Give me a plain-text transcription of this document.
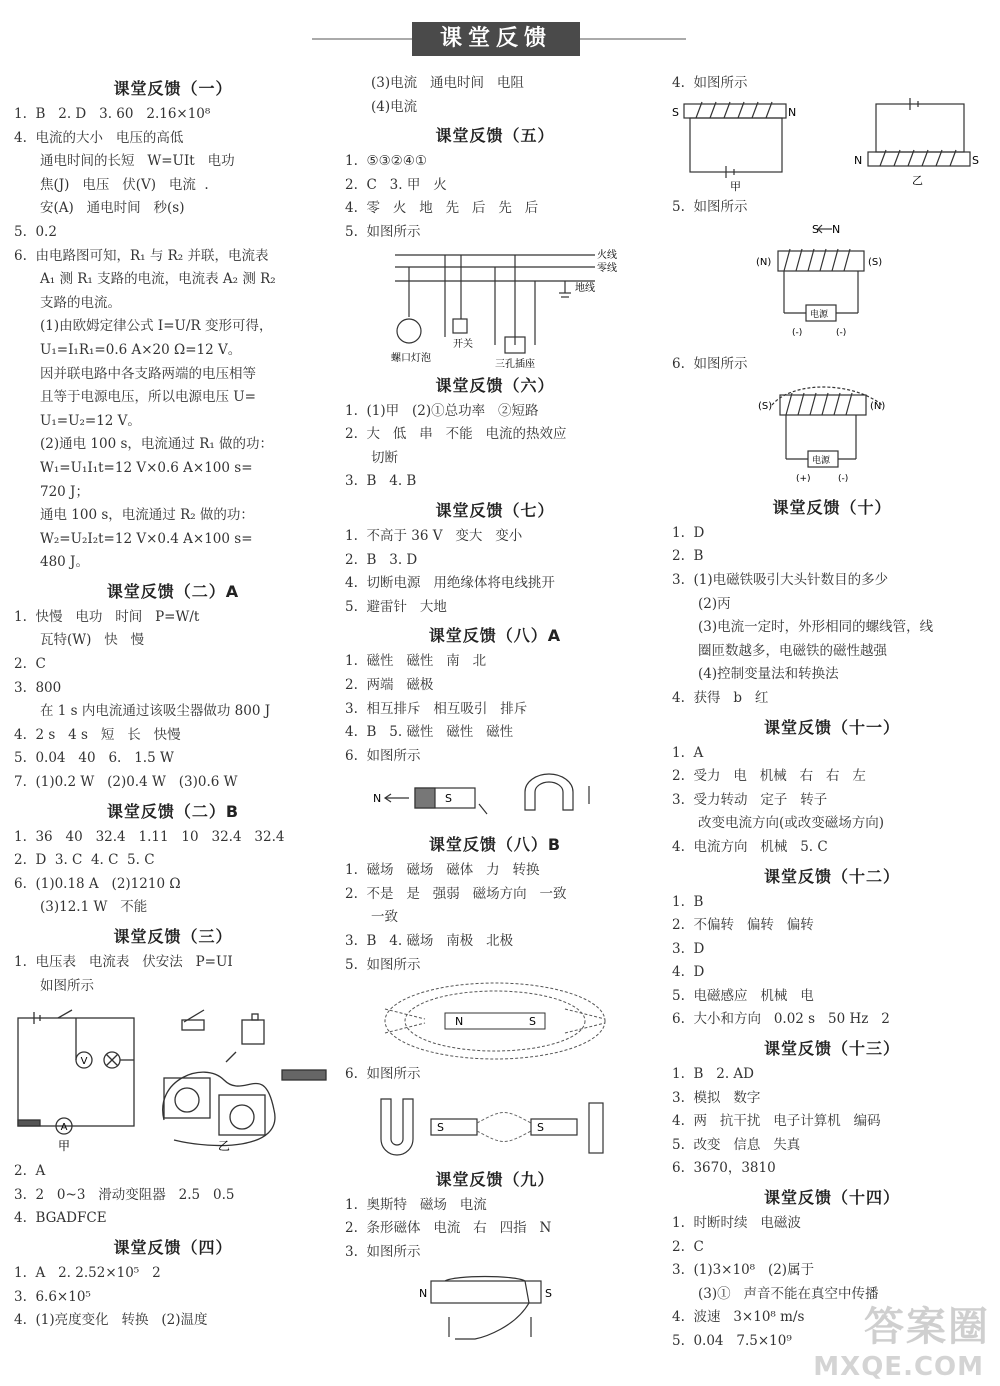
课堂反馈
课堂反馈（一）
1.  B   2. D   3. 60   2.16×10⁸
4.  电流的大小   电压的高低
通电时间的长短   W=UIt   电功
焦(J)   电压   伏(V)   电流  .
安(A)   通电时间   秒(s)
5.  0.2
6.  由电路图可知，R₁ 与 R₂ 并联，电流表
A₁ 测 R₁ 支路的电流，电流表 A₂ 测 R₂
支路的电流。
(1)由欧姆定律公式 I=U/R 变形可得，
U₁=I₁R₁=0.6 A×20 Ω=12 V。
因并联电路中各支路两端的电压相等
且等于电源电压，所以电源电压 U=
U₁=U₂=12 V。
(2)通电 100 s，电流通过 R₁ 做的功：
W₁=U₁I₁t=12 V×0.6 A×100 s=
720 J；
通电 100 s，电流通过 R₂ 做的功：
W₂=U₂I₂t=12 V×0.4 A×100 s=
480 J。
课堂反馈（二）A
1.  快慢   电功   时间   P=W/t
瓦特(W)   快   慢
2.  C
3.  800
在 1 s 内电流通过该吸尘器做功 800 J
4.  2 s   4 s   短   长   快慢
5.  0.04   40   6.   1.5 W
7.  (1)0.2 W   (2)0.4 W   (3)0.6 W
课堂反馈（二）B
1.  36   40   32.4   1.11   10   32.4   32.4
2.  D  3. C  4. C  5. C
6.  (1)0.18 A   (2)1210 Ω
(3)12.1 W   不能
课堂反馈（三）
1.  电压表   电流表   伏安法   P=UI
如图所示
V
A
甲	乙
2.  A
3.  2   0~3   滑动变阻器   2.5   0.5
4.  BGADFCE
课堂反馈（四）
1.  A   2. 2.52×10⁵   2
3.  6.6×10⁵
4.  (1)亮度变化   转换   (2)温度
(3)电流   通电时间   电阻
(4)电流
课堂反馈（五）
1.  ⑤③②④①
2.  C   3. 甲   火
4.  零   火   地   先   后   先   后
5.  如图所示
火线
零线
地线
螺口灯泡
开关
三孔插座
课堂反馈（六）
1.  (1)甲   (2)①总功率   ②短路
2.  大   低   串   不能   电流的热效应
切断
3.  B   4. B
课堂反馈（七）
1.  不高于 36 V   变大   变小
2.  B   3. D
4.  切断电源   用绝缘体将电线挑开
5.  避雷针   大地
课堂反馈（八）A
1.  磁性   磁性   南   北
2.  两端   磁极
3.  相互排斥   相互吸引   排斥
4.  B   5. 磁性   磁性   磁性
6.  如图所示
N	S
课堂反馈（八）B
1.  磁场   磁场   磁体   力   转换
2.  不是   是   强弱   磁场方向   一致
一致
3.  B   4. 磁场   南极   北极
5.  如图所示
N	S
6.  如图所示
S	S
课堂反馈（九）
1.  奥斯特   磁场   电流
2.  条形磁体   电流   右   四指   N
3.  如图所示
N	S
4.  如图所示
S	N
N	S
甲	乙
5.  如图所示
S N
(N)	(S)
电源
(-)	(-)
6.  如图所示
(S)	(N)
电源
(+)	(-)
课堂反馈（十）
1.  D
2.  B
3.  (1)电磁铁吸引大头针数目的多少
(2)丙
(3)电流一定时，外形相同的螺线管，线
圈匝数越多，电磁铁的磁性越强
(4)控制变量法和转换法
4.  获得   b   红
课堂反馈（十一）
1.  A
2.  受力   电   机械   右   右   左
3.  受力转动   定子   转子
改变电流方向(或改变磁场方向)
4.  电流方向   机械   5. C
课堂反馈（十二）
1.  B
2.  不偏转   偏转   偏转
3.  D
4.  D
5.  电磁感应   机械   电
6.  大小和方向   0.02 s   50 Hz   2
课堂反馈（十三）
1.  B   2. AD
3.  模拟   数字
4.  两   抗干扰   电子计算机   编码
5.  改变   信息   失真
6.  3670，3810
课堂反馈（十四）
1.  时断时续   电磁波
2.  C
3.  (1)3×10⁸   (2)属于
(3)①   声音不能在真空中传播
4.  波速   3×10⁸ m/s
5.  0.04   7.5×10⁹	答案圈
MXQE.COM
